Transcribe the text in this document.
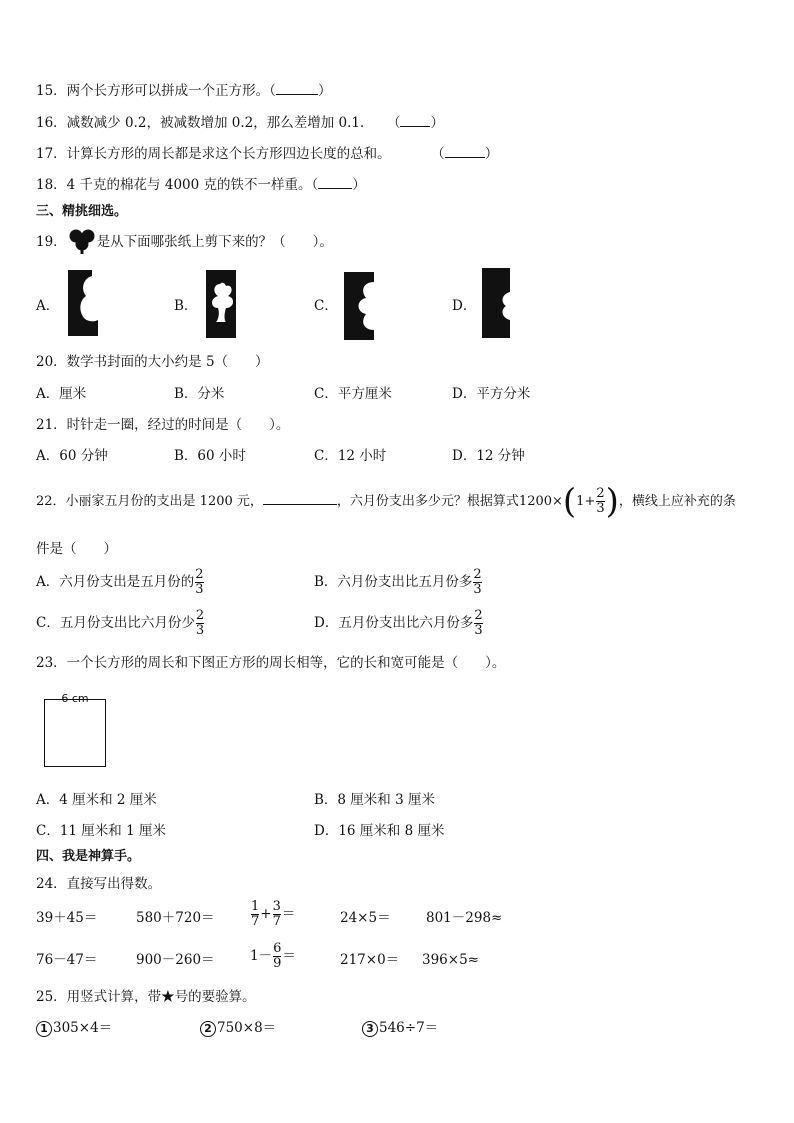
15．两个长方形可以拼成一个正方形。（	）
16．减数减少 0.2，被减数增加 0.2，那么差增加 0.1．　　（ ）
17．计算长方形的周长都是求这个长方形四边长度的总和。　　　　（	）
18．4 千克的棉花与 4000 克的铁不一样重。（	）
三、精挑细选。
19． 是从下面哪张纸上剪下来的？（　　）。
A．	B．	C．	D．
20．数学书封面的大小约是 5（　　）
A．厘米	B．分米	C．平方厘米	D．平方分米
21．时针走一圈，经过的时间是（　　）。
A．60 分钟	B．60 小时	C．12 小时	D．12 分钟
22．小丽家五月份的支出是 1200 元，	，六月份支出多少元？根据算式$1200\times(1+ \frac{2}{3}$ )，横线上应补充的条
件是（　　）
A．六月份支出是五月份的 $\frac{2}{3}$	B．六月份支出比五月份多 $\frac{2}{3}$
C．五月份支出比六月份少 $\frac{2}{3}$	D．五月份支出比六月份多 $\frac{2}{3}$
23．一个长方形的周长和下图正方形的周长相等，它的长和宽可能是（　　）。
6 cm
A．4 厘米和 2 厘米	B．8 厘米和 3 厘米
C．11 厘米和 1 厘米	D．16 厘米和 8 厘米
四、我是神算手。
24．直接写出得数。
39＋45＝	580＋720＝	$\frac{1}{7} + \frac{3}{7}$ ＝	24×5＝	801－298≈
76－47＝	900－260＝	$1- \frac{6}{9}$ ＝	217×0＝ 396×5≈
25．用竖式计算，带★号的要验算。
1 305×4＝	2 750×8＝	3 546÷7＝
